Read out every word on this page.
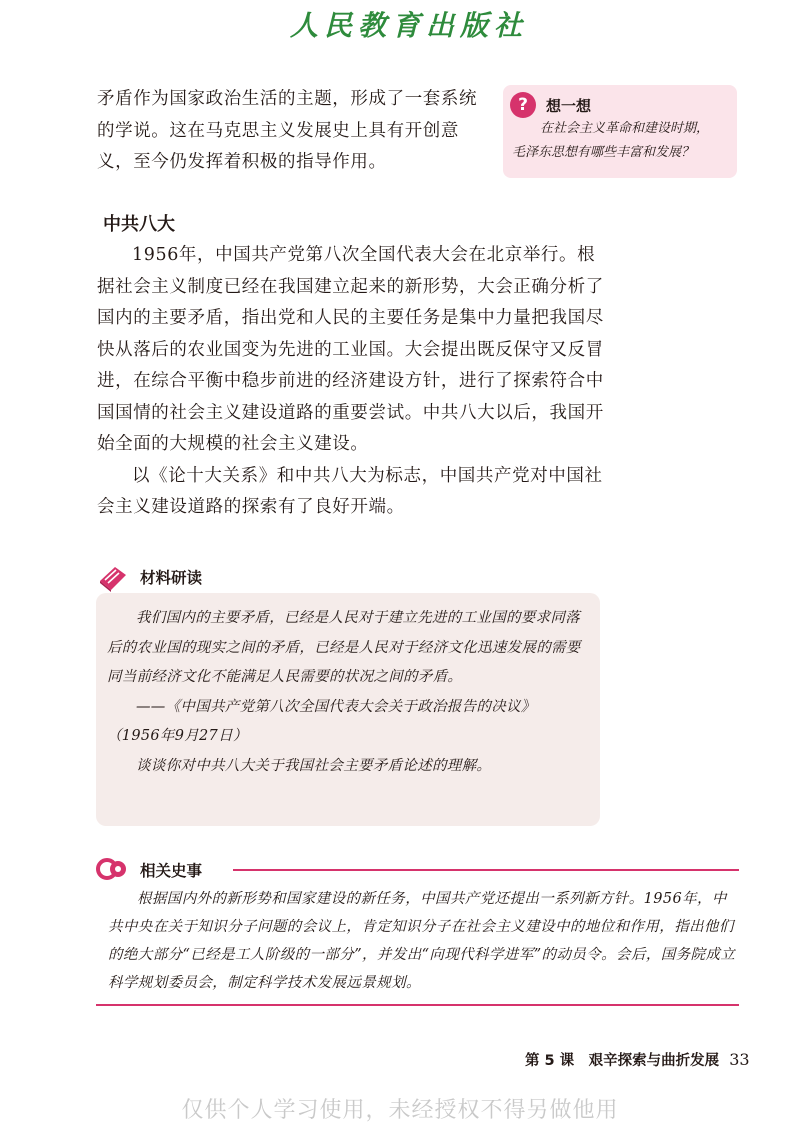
人民教育出版社

矛盾作为国家政治生活的主题，形成了一套系统的学说。这在马克思主义发展史上具有开创意义，至今仍发挥着积极的指导作用。

?	想一想
在社会主义革命和建设时期，
毛泽东思想有哪些丰富和发展？
中共八大

1956年，中国共产党第八次全国代表大会在北京举行。根据社会主义制度已经在我国建立起来的新形势，大会正确分析了国内的主要矛盾，指出党和人民的主要任务是集中力量把我国尽快从落后的农业国变为先进的工业国。大会提出既反保守又反冒进，在综合平衡中稳步前进的经济建设方针，进行了探索符合中国国情的社会主义建设道路的重要尝试。中共八大以后，我国开始全面的大规模的社会主义建设。

以《论十大关系》和中共八大为标志，中国共产党对中国社会主义建设道路的探索有了良好开端。

材料研读

我们国内的主要矛盾，已经是人民对于建立先进的工业国的要求同落后的农业国的现实之间的矛盾，已经是人民对于经济文化迅速发展的需要同当前经济文化不能满足人民需要的状况之间的矛盾。

——《中国共产党第八次全国代表大会关于政治报告的决议》

（1956年9月27日）

谈谈你对中共八大关于我国社会主要矛盾论述的理解。

相关史事

根据国内外的新形势和国家建设的新任务，中国共产党还提出一系列新方针。1956年，中共中央在关于知识分子问题的会议上，肯定知识分子在社会主义建设中的地位和作用，指出他们的绝大部分“已经是工人阶级的一部分”，并发出“向现代科学进军”的动员令。会后，国务院成立科学规划委员会，制定科学技术发展远景规划。

第 5 课　艰辛探索与曲折发展 33
仅供个人学习使用，未经授权不得另做他用
